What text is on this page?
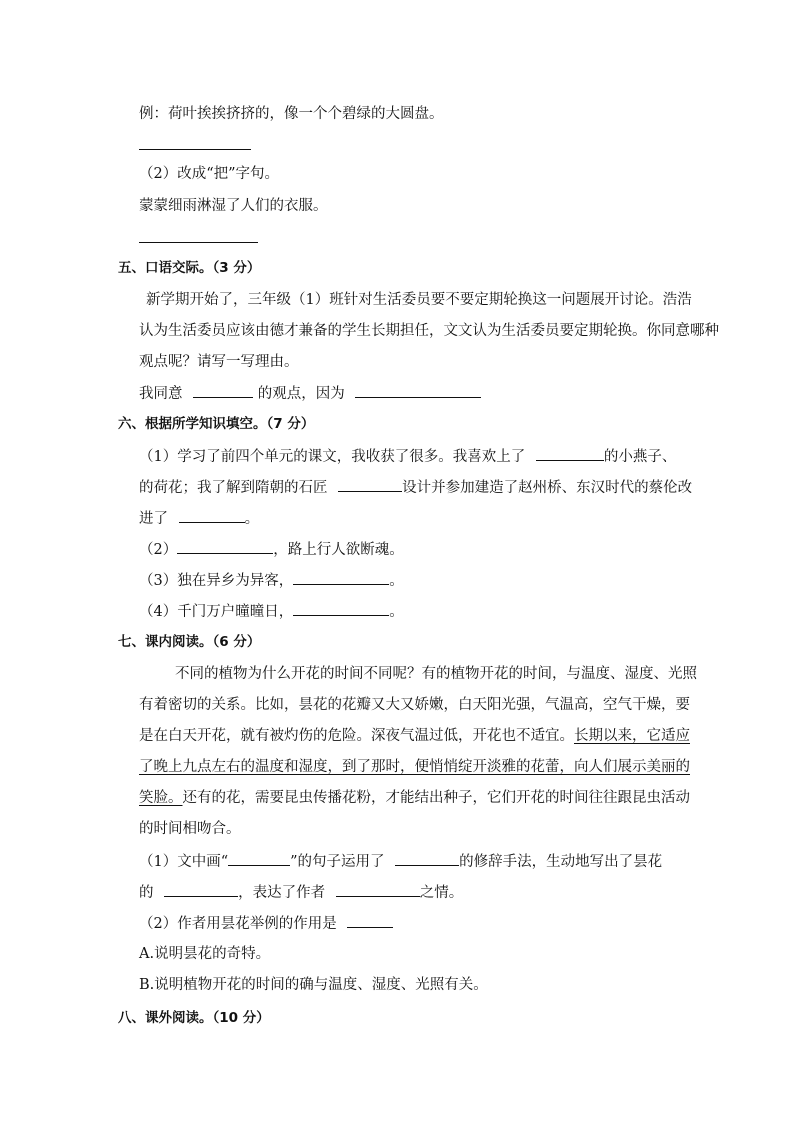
例：荷叶挨挨挤挤的，像一个个碧绿的大圆盘。
（2）改成“把”字句。
蒙蒙细雨淋湿了人们的衣服。
五、口语交际。（3 分）
新学期开始了，三年级（1）班针对生活委员要不要定期轮换这一问题展开讨论。浩浩
认为生活委员应该由德才兼备的学生长期担任，文文认为生活委员要定期轮换。你同意哪种
观点呢？请写一写理由。
我同意	的观点，因为
六、根据所学知识填空。（7 分）
（1）学习了前四个单元的课文，我收获了很多。我喜欢上了	的小燕子、
的荷花；我了解到隋朝的石匠	设计并参加建造了赵州桥、东汉时代的蔡伦改
进了	。
（2）	，路上行人欲断魂。
（3）独在异乡为异客，	。
（4）千门万户曈曈日，	。
七、课内阅读。（6 分）
不同的植物为什么开花的时间不同呢？有的植物开花的时间，与温度、湿度、光照
有着密切的关系。比如，昙花的花瓣又大又娇嫩，白天阳光强，气温高，空气干燥，要
是在白天开花，就有被灼伤的危险。深夜气温过低，开花也不适宜。长期以来，它适应
了晚上九点左右的温度和湿度，到了那时，便悄悄绽开淡雅的花蕾，向人们展示美丽的
笑脸。还有的花，需要昆虫传播花粉，才能结出种子，它们开花的时间往往跟昆虫活动
的时间相吻合。
（1）文中画“	”的句子运用了	的修辞手法，生动地写出了昙花
的	，表达了作者	之情。
（2）作者用昙花举例的作用是
A.说明昙花的奇特。
B.说明植物开花的时间的确与温度、湿度、光照有关。
八、课外阅读。（10 分）
